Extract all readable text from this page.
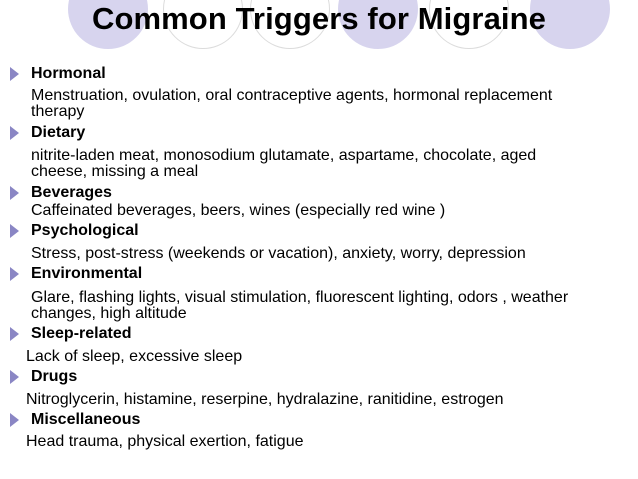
Common Triggers for Migraine
Hormonal
Menstruation, ovulation, oral contraceptive agents, hormonal replacement
therapy
Dietary
nitrite-laden meat, monosodium glutamate, aspartame, chocolate, aged
cheese, missing a meal
Beverages
Caffeinated beverages, beers, wines (especially red wine )
Psychological
Stress, post-stress (weekends or vacation), anxiety, worry, depression
Environmental
Glare, flashing lights, visual stimulation, fluorescent lighting, odors , weather
changes, high altitude
Sleep-related
Lack of sleep, excessive sleep
Drugs
Nitroglycerin, histamine, reserpine, hydralazine, ranitidine, estrogen
Miscellaneous
Head trauma, physical exertion, fatigue
